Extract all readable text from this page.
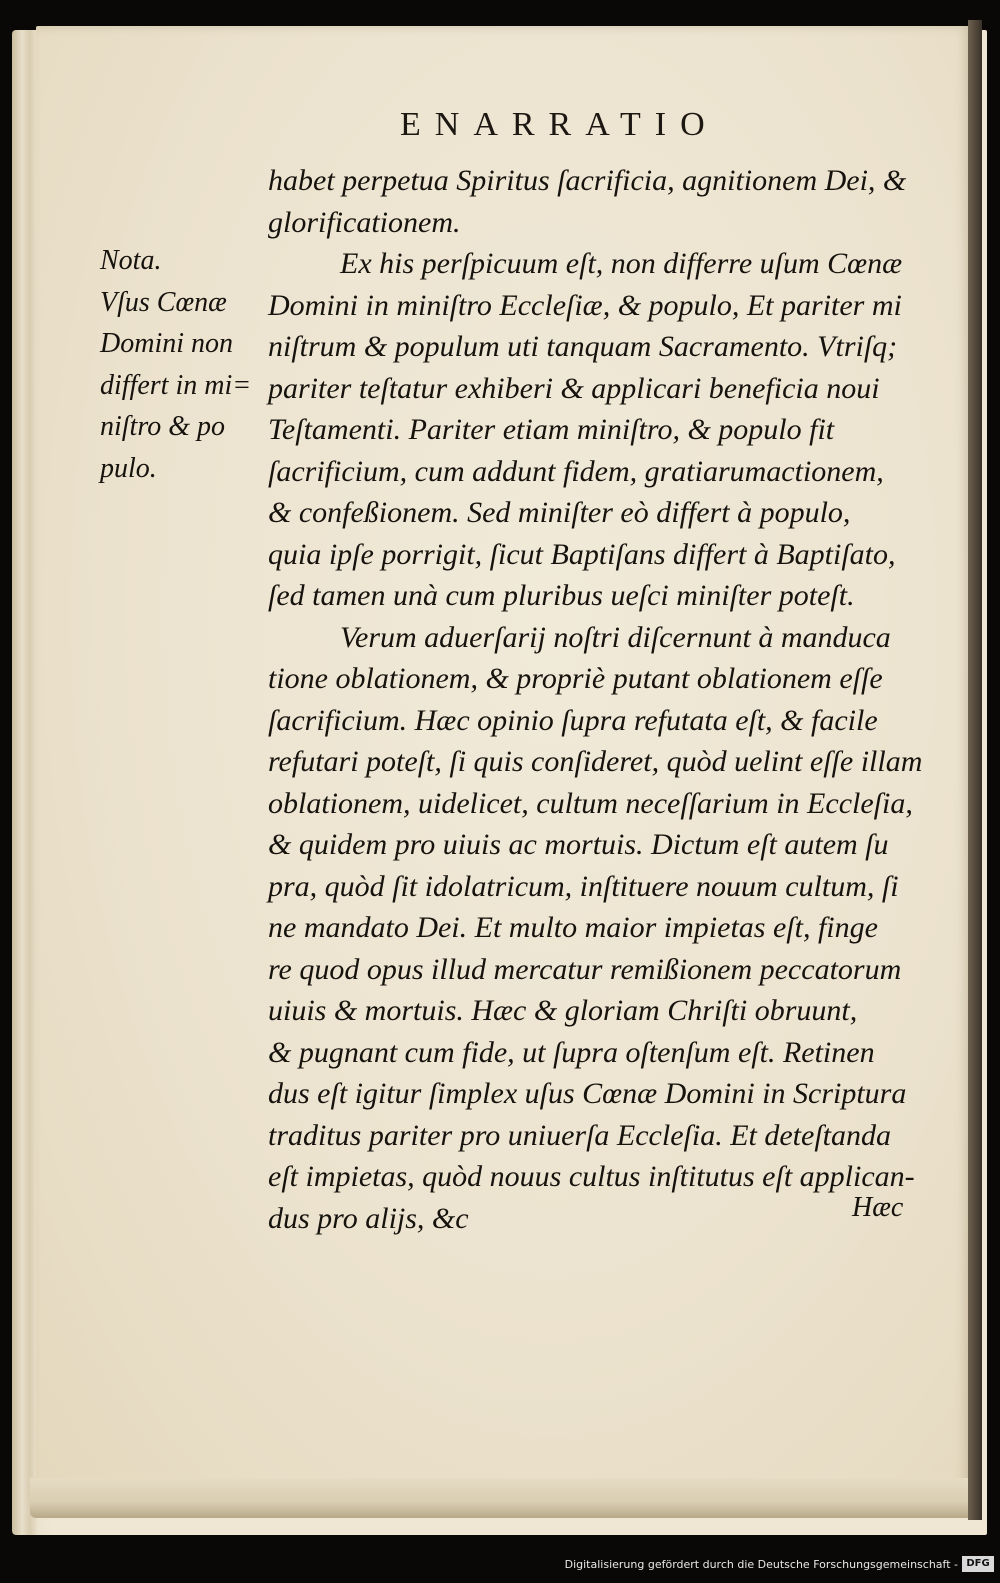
ENARRATIO
Nota.
Vſus Cœnæ
Domini non
differt in mi=
niſtro & po
pulo.
habet perpetua Spiritus ſacrificia, agnitionem Dei, &
glorificationem.
Ex his perſpicuum eſt, non differre uſum Cœnæ
Domini in miniſtro Eccleſiæ, & populo, Et pariter mi
niſtrum & populum uti tanquam Sacramento. Vtriſq;
pariter teſtatur exhiberi & applicari beneficia noui
Teſtamenti. Pariter etiam miniſtro, & populo fit
ſacrificium, cum addunt fidem, gratiarumactionem,
& confeßionem. Sed miniſter eò differt à populo,
quia ipſe porrigit, ſicut Baptiſans differt à Baptiſato,
ſed tamen unà cum pluribus ueſci miniſter poteſt.
Verum aduerſarij noſtri diſcernunt à manduca
tione oblationem, & propriè putant oblationem eſſe
ſacrificium. Hæc opinio ſupra refutata eſt, & facile
refutari poteſt, ſi quis conſideret, quòd uelint eſſe illam
oblationem, uidelicet, cultum neceſſarium in Eccleſia,
& quidem pro uiuis ac mortuis. Dictum eſt autem ſu
pra, quòd ſit idolatricum, inſtituere nouum cultum, ſi
ne mandato Dei. Et multo maior impietas eſt, finge
re quod opus illud mercatur remißionem peccatorum
uiuis & mortuis. Hæc & gloriam Chriſti obruunt,
& pugnant cum fide, ut ſupra oſtenſum eſt. Retinen
dus eſt igitur ſimplex uſus Cœnæ Domini in Scriptura
traditus pariter pro uniuerſa Eccleſia. Et deteſtanda
eſt impietas, quòd nouus cultus inſtitutus eſt applican-
dus pro alijs, &c	Hæc
Digitalisierung gefördert durch die Deutsche Forschungsgemeinschaft - DFG
